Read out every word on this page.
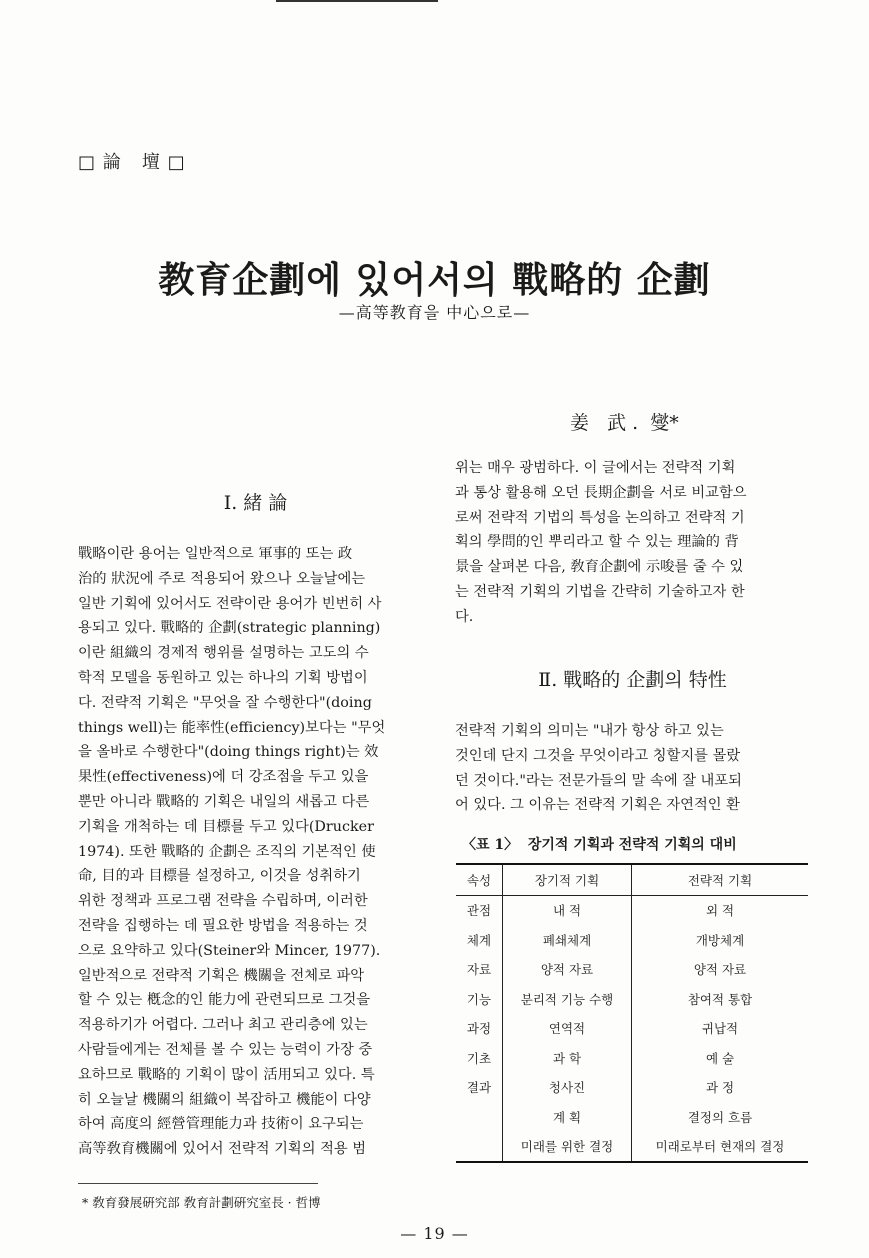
□ 論   壇 □
教育企劃에 있어서의 戰略的 企劃
—高等教育을 中心으로—
姜   武 .  燮*
Ⅰ. 緒 論
戰略이란 용어는 일반적으로 軍事的 또는 政
治的 狀況에 주로 적용되어 왔으나 오늘날에는
일반 기획에 있어서도 전략이란 용어가 빈번히 사
용되고 있다. 戰略的 企劃(strategic planning)
이란 組織의 경제적 행위를 설명하는 고도의 수
학적 모델을 동원하고 있는 하나의 기획 방법이
다. 전략적 기획은 "무엇을 잘 수행한다"(doing
things well)는 能率性(efficiency)보다는 "무엇
을 올바로 수행한다"(doing things right)는 效
果性(effectiveness)에 더 강조점을 두고 있을
뿐만 아니라 戰略的 기획은 내일의 새롭고 다른
기획을 개척하는 데 目標를 두고 있다(Drucker
1974). 또한 戰略的 企劃은 조직의 기본적인 使
命, 目的과 目標를 설정하고, 이것을 성취하기
위한 정책과 프로그램 전략을 수립하며, 이러한
전략을 집행하는 데 필요한 방법을 적용하는 것
으로 요약하고 있다(Steiner와 Mincer, 1977).
일반적으로 전략적 기획은 機關을 전체로 파악
할 수 있는 槪念的인 能力에 관련되므로 그것을
적용하기가 어렵다. 그러나 최고 관리층에 있는
사람들에게는 전체를 볼 수 있는 능력이 가장 중
요하므로 戰略的 기획이 많이 活用되고 있다. 특
히 오늘날 機關의 組織이 복잡하고 機能이 다양
하여 高度의 經營管理能力과 技術이 요구되는
高等敎育機關에 있어서 전략적 기획의 적용 범
위는 매우 광범하다. 이 글에서는 전략적 기획
과 통상 활용해 오던 長期企劃을 서로 비교함으
로써 전략적 기법의 특성을 논의하고 전략적 기
획의 學問的인 뿌리라고 할 수 있는 理論的 背
景을 살펴본 다음, 敎育企劃에 示唆를 줄 수 있
는 전략적 기획의 기법을 간략히 기술하고자 한
다.
Ⅱ. 戰略的 企劃의 特性
전략적 기획의 의미는 "내가 항상 하고 있는
것인데 단지 그것을 무엇이라고 칭할지를 몰랐
던 것이다."라는 전문가들의 말 속에 잘 내포되
어 있다. 그 이유는 전략적 기획은 자연적인 환
〈표 1〉  장기적 기획과 전략적 기획의 대비
속성	장기적 기획	전략적 기획
관점	내 적	외 적
체계	폐쇄체계	개방체계
자료	양적 자료	양적 자료
기능	분리적 기능 수행	참여적 통합
과정	연역적	귀납적
기초	과 학	예 술
결과	청사진	과 정
	계 획	결정의 흐름
	미래를 위한 결정	미래로부터 현재의 결정
* 敎育發展硏究部 敎育計劃硏究室長 · 哲博
— 19 —
